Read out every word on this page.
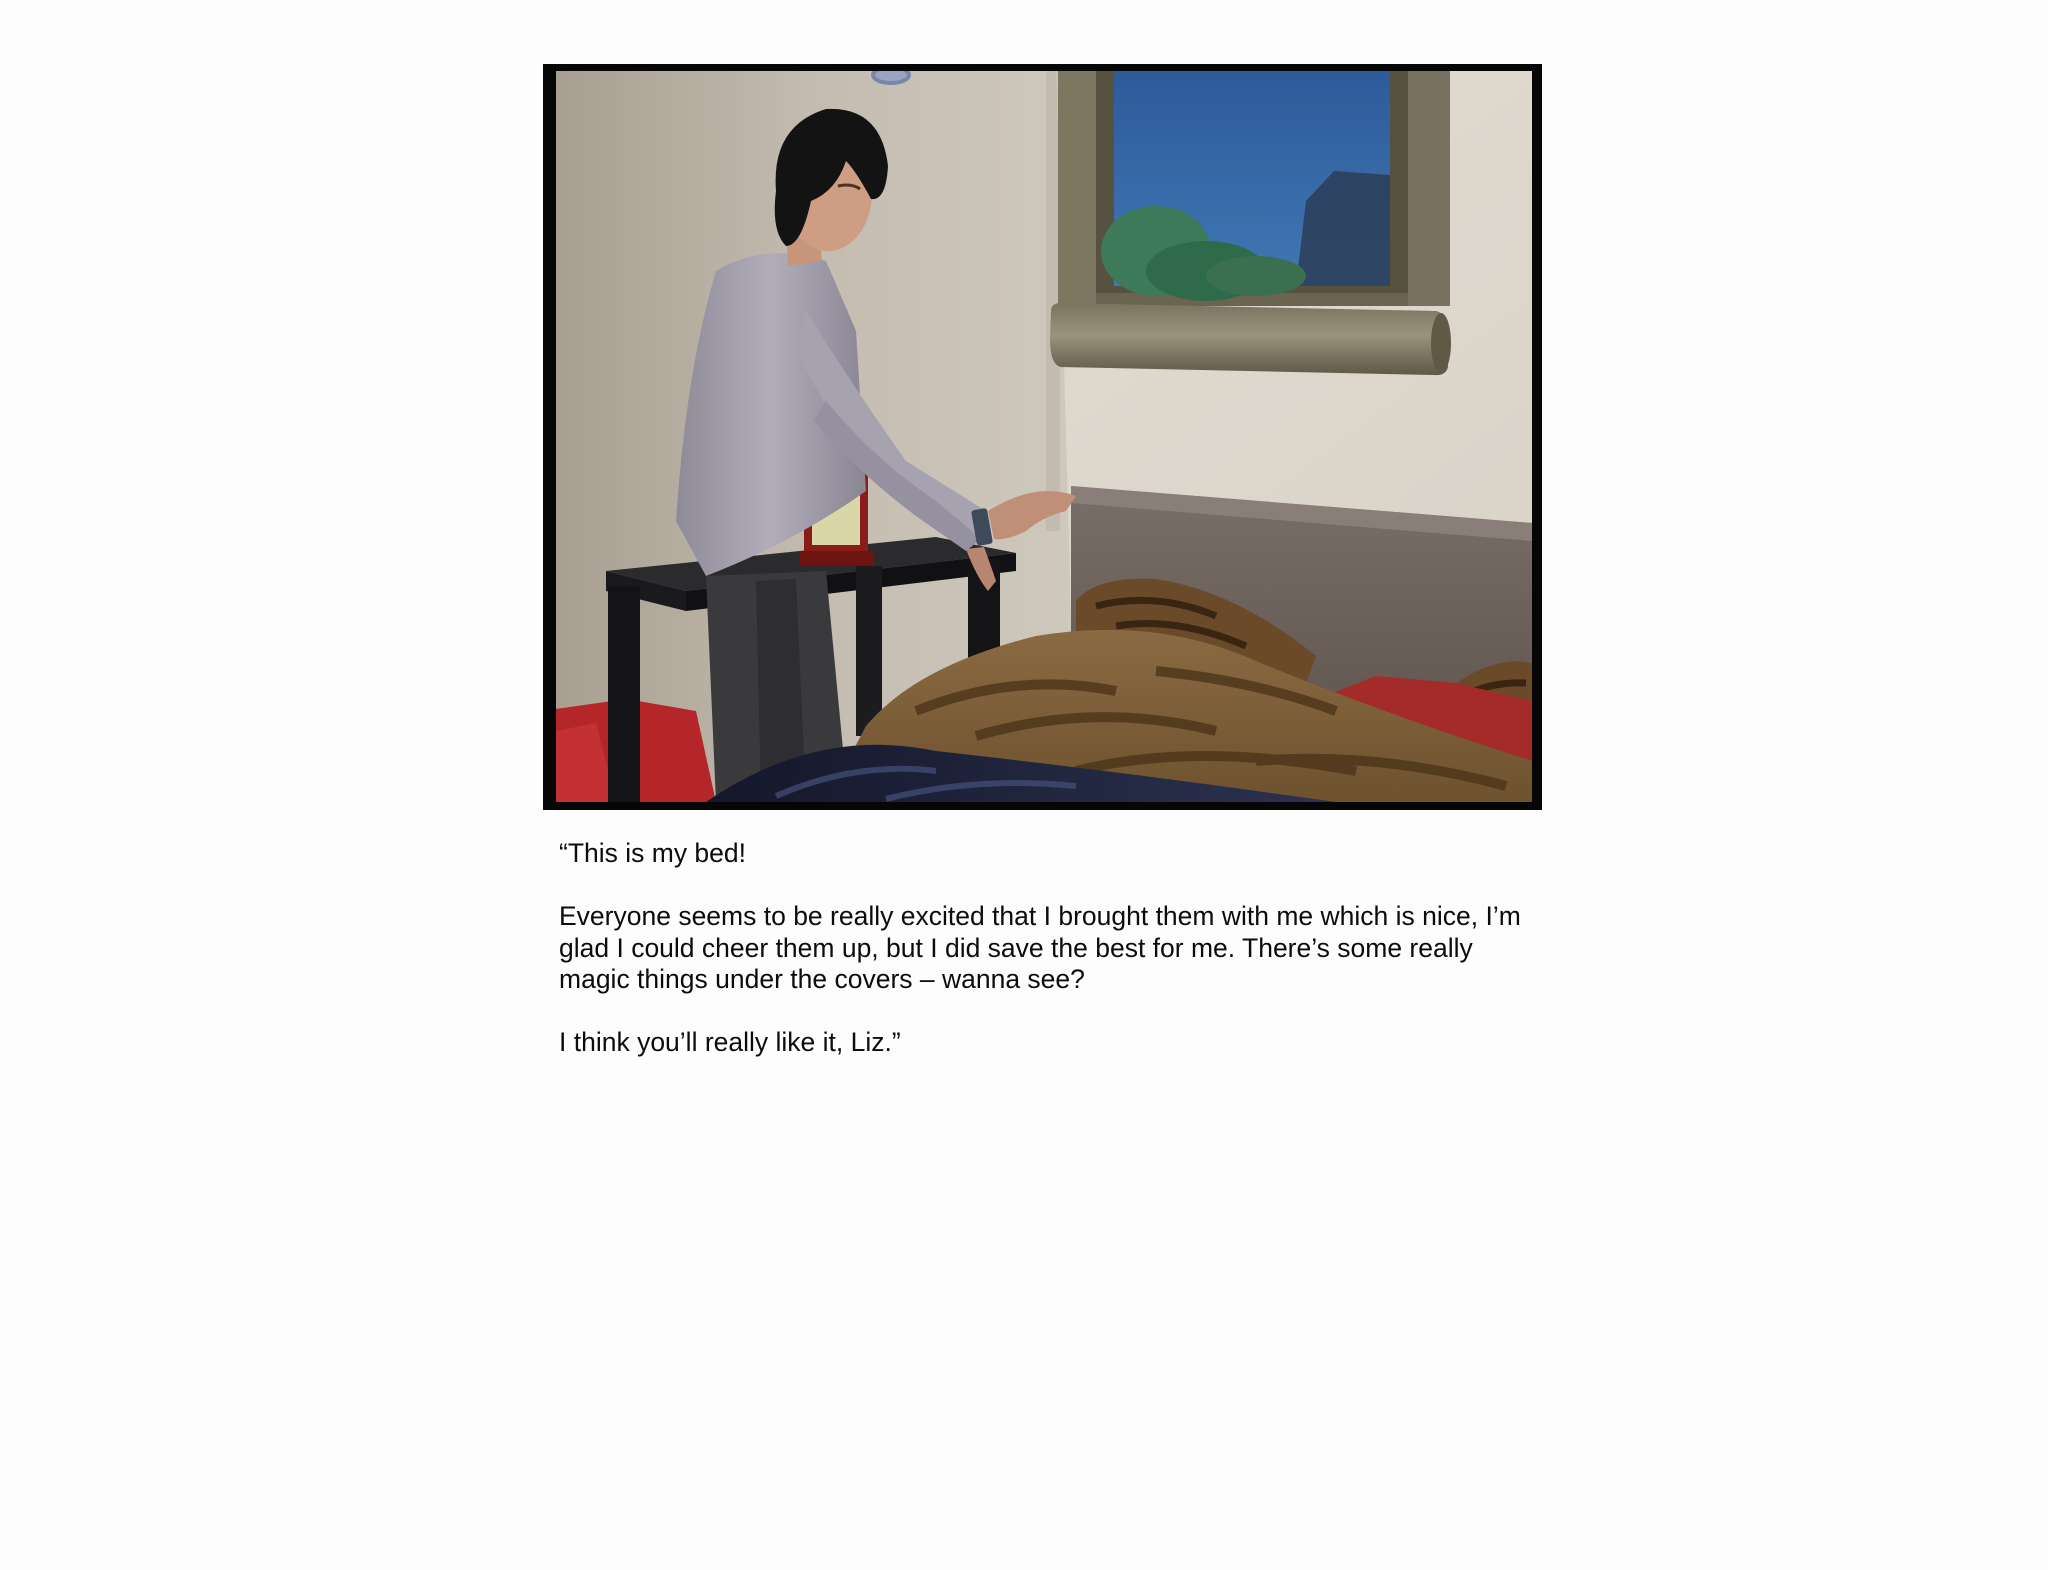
“This is my bed!

Everyone seems to be really excited that I brought them with me which is nice, I’m glad I could cheer them up, but I did save the best for me. There’s some really magic things under the covers – wanna see?

I think you’ll really like it, Liz.”
